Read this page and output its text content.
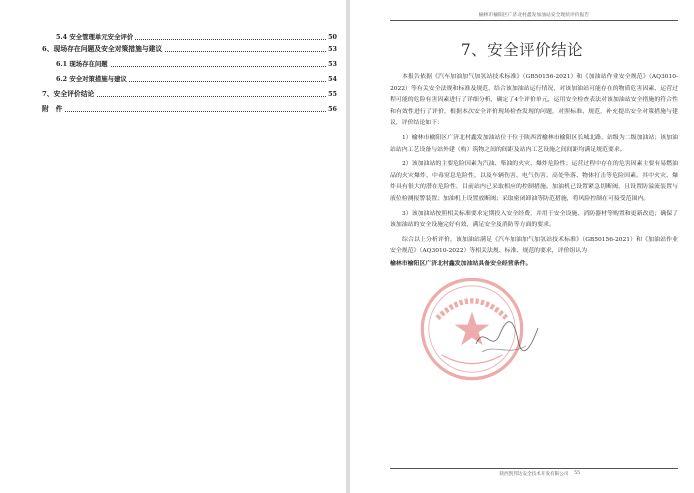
5.4 安全管理单元安全评价	50
6、现场存在问题及安全对策措施与建议	53
6.1 现场存在问题	53
6.2 安全对策措施与建议	54
7、安全评价结论	55
附　件	56
榆林市榆阳区广济北村鑫发加油站安全现状评价报告
7、安全评价结论

本报告依据《汽车加油加气加氢站技术标准》（GB50156-2021）和《加油站作业安全规范》（AQ3010-2022）等有关安全法规和标准及规范，结合该加油站运行情况，对该加油站可能存在的物质危害因素、运营过程可能的危险有害因素进行了详细分析，确定了4个评价单元，运用安全检查表法对该加油站安全措施的符合性和有效性进行了评价，根据本次安全评价现场检查发现的问题，对照标准、规范，补充提出安全对策措施与建议，评价结论如下：

1）榆林市榆阳区广济北村鑫发加油站位于位于陕西省榆林市榆阳区长城北路，站级为二级加油站；该加油站站内工艺设备与站外建（构）筑物之间的间距及站内工艺设施之间间距均满足规范要求。

2）该加油站的主要危险因素为汽油、柴油的火灾、爆炸危险性；运营过程中存在的危害因素主要有易燃油品的火灾爆炸、中毒窒息危险性，以及车辆伤害、电气伤害、高处坠落、物体打击等危险因素。其中火灾、爆炸具有很大的潜在危险性，目前站内已采取相应的控制措施。加油机已设置紧急切断阀，且设置防溢流装置与液位检测报警装置；加油机上设置放断阀；采取密闭卸油等防范措施，将风险控制在可接受范围内。

3）该加油站按照相关标准要求定期投入安全经费，并用于安全设施、消防器材等购置和更新改造；确保了该加油站的安全设施完好有效，满足安全及消防等方面的要求。

综合以上分析评价，该加油站满足《汽车加油加气加氢站技术标准》（GB50156-2021）和《加油站作业安全规范》（AQ3010-2022）等相关法规、标准、规范的要求，评价组认为

榆林市榆阳区广济北村鑫发加油站具备安全经营条件。

陕西凯邦达安全技术开发有限公司	55
